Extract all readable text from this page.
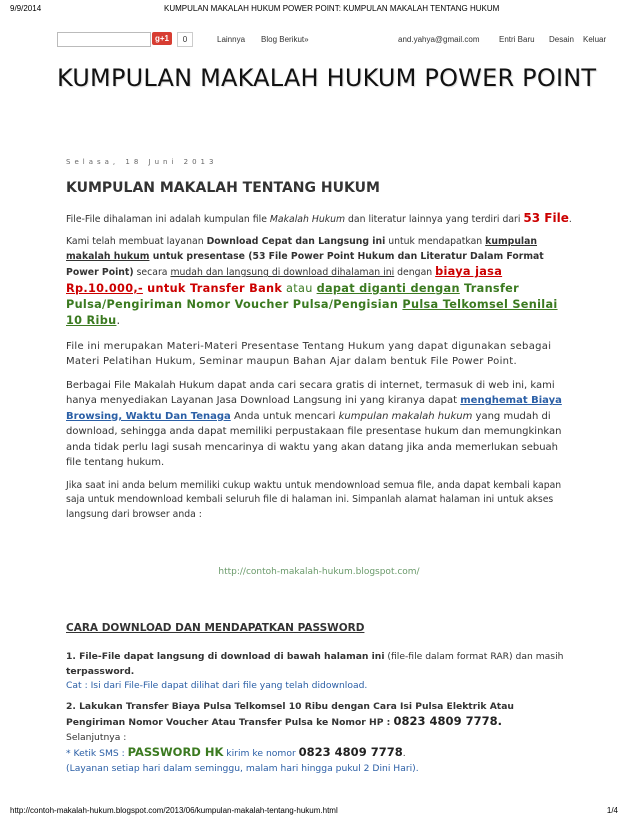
9/9/2014	KUMPULAN MAKALAH HUKUM POWER POINT: KUMPULAN MAKALAH TENTANG HUKUM
g+1	0	Lainnya Blog Berikut»	and.yahya@gmail.com Entri Baru Desain Keluar
KUMPULAN MAKALAH HUKUM POWER POINT
Selasa, 18 Juni 2013
KUMPULAN MAKALAH TENTANG HUKUM

File-File dihalaman ini adalah kumpulan file Makalah Hukum dan literatur lainnya yang terdiri dari 53 File.

Kami telah membuat layanan Download Cepat dan Langsung ini untuk mendapatkan kumpulan makalah hukum untuk presentase (53 File Power Point Hukum dan Literatur Dalam Format Power Point) secara mudah dan langsung di download dihalaman ini dengan biaya jasa
Rp.10.000,- untuk Transfer Bank atau dapat diganti dengan Transfer Pulsa/Pengiriman Nomor Voucher Pulsa/Pengisian Pulsa Telkomsel Senilai 10 Ribu.

File ini merupakan Materi-Materi Presentase Tentang Hukum yang dapat digunakan sebagai Materi Pelatihan Hukum, Seminar maupun Bahan Ajar dalam bentuk File Power Point.

Berbagai File Makalah Hukum dapat anda cari secara gratis di internet, termasuk di web ini, kami hanya menyediakan Layanan Jasa Download Langsung ini yang kiranya dapat menghemat Biaya Browsing, Waktu Dan Tenaga Anda untuk mencari kumpulan makalah hukum yang mudah di download, sehingga anda dapat memiliki perpustakaan file presentase hukum dan memungkinkan anda tidak perlu lagi susah mencarinya di waktu yang akan datang jika anda memerlukan sebuah file tentang hukum.

Jika saat ini anda belum memiliki cukup waktu untuk mendownload semua file, anda dapat kembali kapan saja untuk mendownload kembali seluruh file di halaman ini. Simpanlah alamat halaman ini untuk akses langsung dari browser anda :

http://contoh-makalah-hukum.blogspot.com/
CARA DOWNLOAD DAN MENDAPATKAN PASSWORD

1. File-File dapat langsung di download di bawah halaman ini (file-file dalam format RAR) dan masih terpassword.
Cat : Isi dari File-File dapat dilihat dari file yang telah didownload.

2. Lakukan Transfer Biaya Pulsa Telkomsel 10 Ribu dengan Cara Isi Pulsa Elektrik Atau Pengiriman Nomor Voucher Atau Transfer Pulsa ke Nomor HP : 0823 4809 7778.
Selanjutnya :
* Ketik SMS : PASSWORD HK kirim ke nomor 0823 4809 7778.
(Layanan setiap hari dalam seminggu, malam hari hingga pukul 2 Dini Hari).

http://contoh-makalah-hukum.blogspot.com/2013/06/kumpulan-makalah-tentang-hukum.html	1/4
